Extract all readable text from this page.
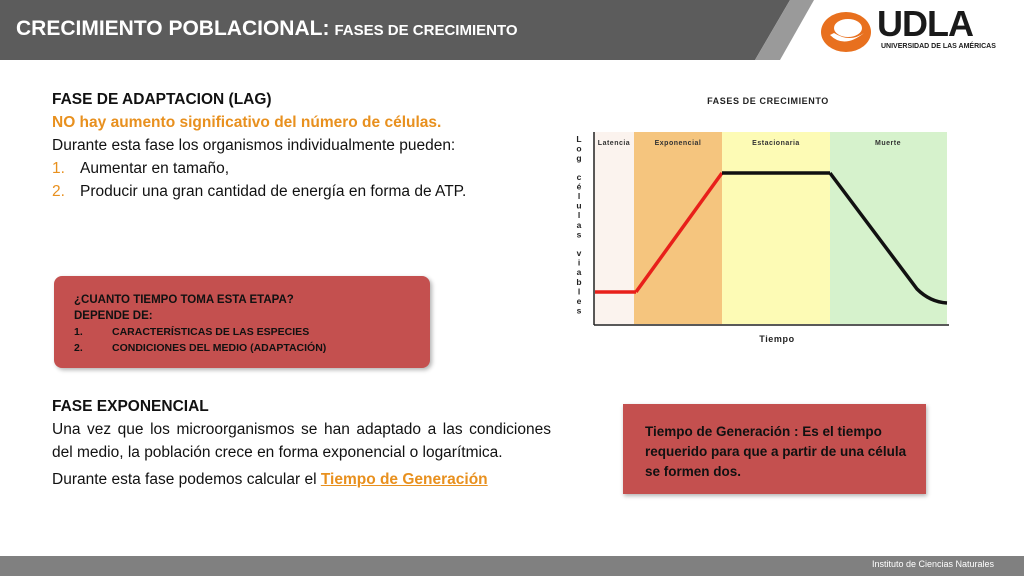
CRECIMIENTO POBLACIONAL: FASES DE CRECIMIENTO	UDLA
UNIVERSIDAD DE LAS AMÉRICAS
FASE DE ADAPTACION (LAG)
NO hay aumento significativo del número de células.
Durante esta fase los organismos individualmente pueden:
1. Aumentar en tamaño,
2. Producir una gran cantidad de energía en forma de ATP.
¿CUANTO TIEMPO TOMA ESTA ETAPA?
DEPENDE DE:
1.	CARACTERÍSTICAS DE LAS ESPECIES
2.	CONDICIONES DEL MEDIO (ADAPTACIÓN)
FASE EXPONENCIAL
Una vez que los microorganismos se han adaptado a las condiciones del medio, la población crece en forma exponencial o logarítmica.
Durante esta fase podemos calcular el Tiempo de Generación
FASES DE CRECIMIENTO
Latencia	Exponencial	Estacionaria	Muerte
L o g c é l u l a s v i a b l e s
Tiempo
Tiempo de Generación : Es el tiempo requerido para que a partir de una célula se formen dos.
Instituto de Ciencias Naturales
